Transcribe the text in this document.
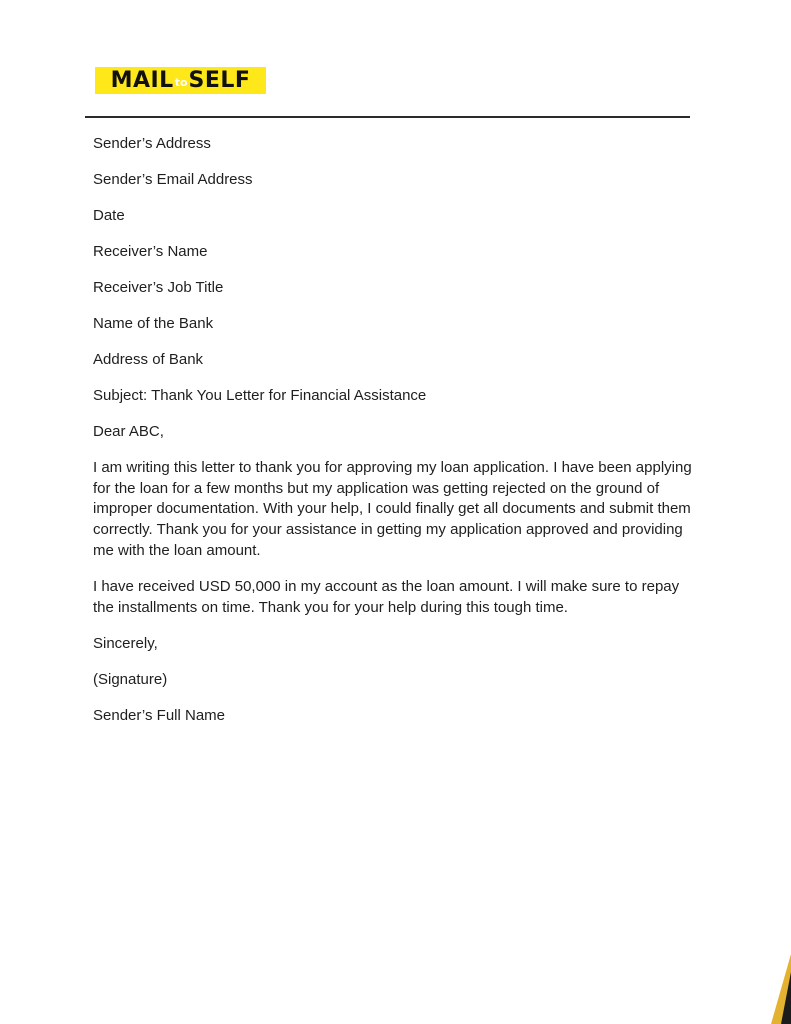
MAIL to SELF

Sender’s Address

Sender’s Email Address

Date

Receiver’s Name

Receiver’s Job Title

Name of the Bank

Address of Bank

Subject: Thank You Letter for Financial Assistance

Dear ABC,

I am writing this letter to thank you for approving my loan application. I have been applying for the loan for a few months but my application was getting rejected on the ground of improper documentation. With your help, I could finally get all documents and submit them correctly. Thank you for your assistance in getting my application approved and providing me with the loan amount.

I have received USD 50,000 in my account as the loan amount. I will make sure to repay the installments on time. Thank you for your help during this tough time.

Sincerely,

(Signature)

Sender’s Full Name
